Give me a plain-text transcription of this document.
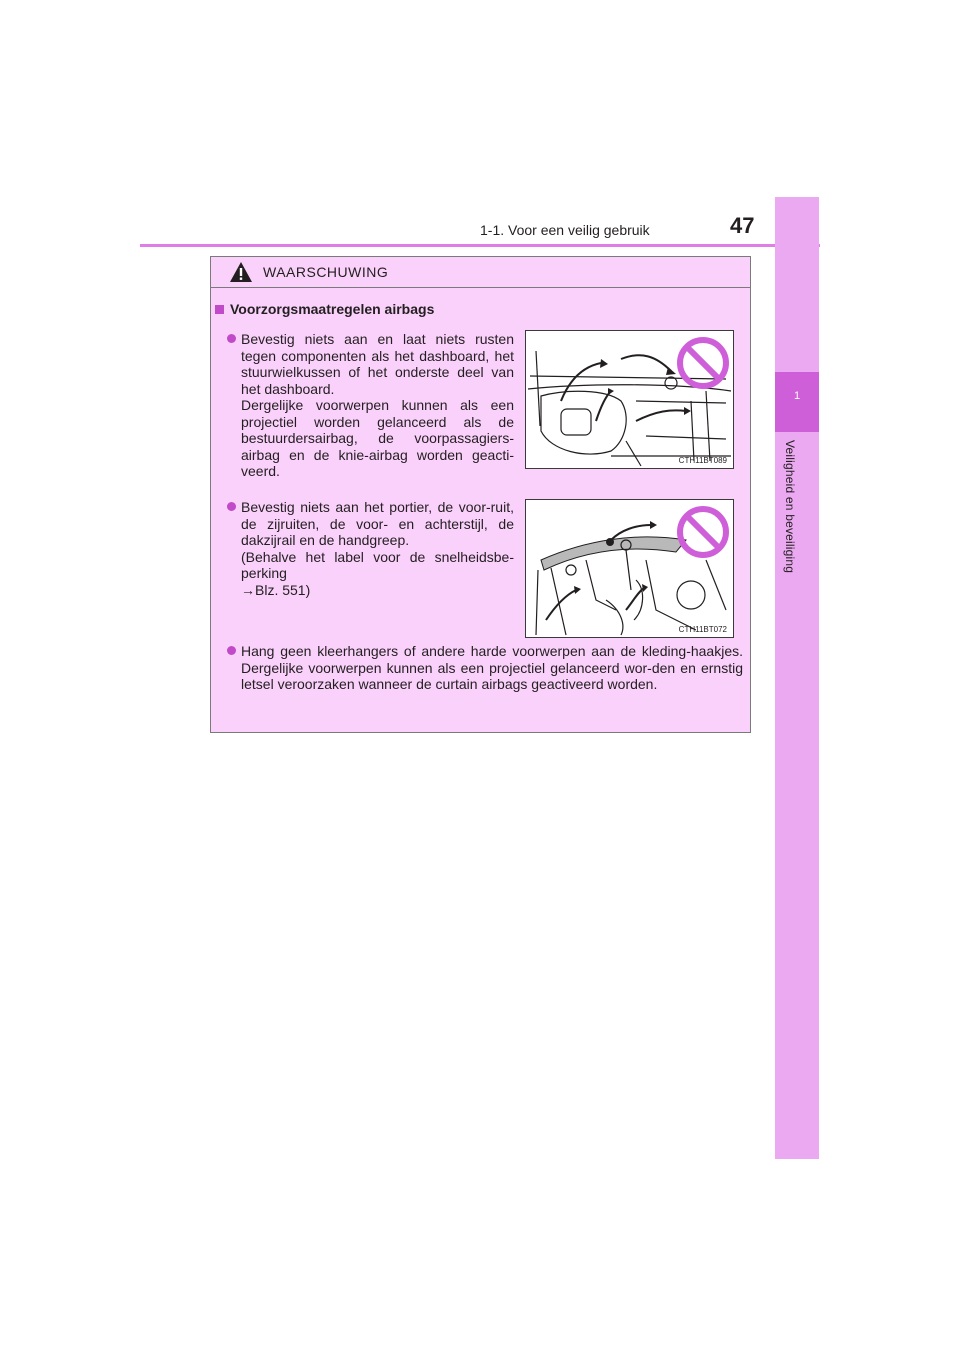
1-1. Voor een veilig gebruik	47
1
Veiligheid en beveiliging
WAARSCHUWING
Voorzorgsmaatregelen airbags

Bevestig niets aan en laat niets rusten tegen componenten als het dashboard, het stuurwielkussen of het onderste deel van het dashboard.

Dergelijke voorwerpen kunnen als een projectiel worden gelanceerd als de bestuurdersairbag, de voorpassagiers-airbag en de knie-airbag worden geacti-veerd.

CTH11BT089

Bevestig niets aan het portier, de voor-ruit, de zijruiten, de voor- en achterstijl, de dakzijrail en de handgreep.

(Behalve het label voor de snelheidsbe-perking

→Blz. 551)

CTH11BT072

Hang geen kleerhangers of andere harde voorwerpen aan de kleding-haakjes. Dergelijke voorwerpen kunnen als een projectiel gelanceerd wor-den en ernstig letsel veroorzaken wanneer de curtain airbags geactiveerd worden.
